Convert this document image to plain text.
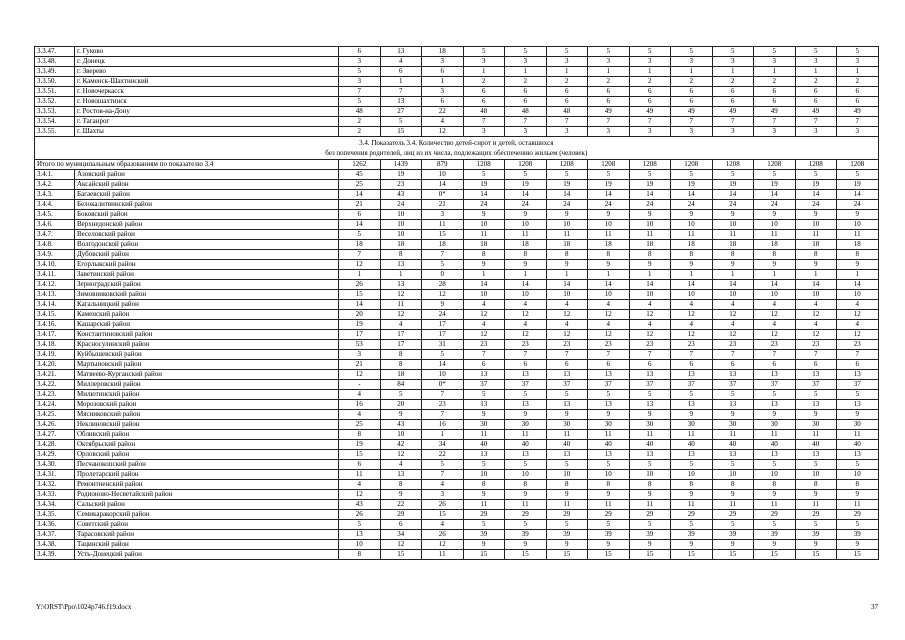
3.3.47.	г. Гуково	6	13	18	5	5	5	5	5	5	5	5	5	5
3.3.48.	г. Донецк	3	4	3	3	3	3	3	3	3	3	3	3	3
3.3.49.	г. Зверево	5	6	6	1	1	1	1	1	1	1	1	1	1
3.3.50.	г. Каменск-Шахтинский	3	1	1	2	2	2	2	2	2	2	2	2	2
3.3.51.	г. Новочеркасск	7	7	3	6	6	6	6	6	6	6	6	6	6
3.3.52.	г. Новошахтинск	5	13	6	6	6	6	6	6	6	6	6	6	6
3.3.53.	г. Ростов-на-Дону	48	27	22	48	48	48	49	49	49	49	49	49	49
3.3.54.	г. Таганрог	2	5	4	7	7	7	7	7	7	7	7	7	7
3.3.55.	г. Шахты	2	15	12	3	3	3	3	3	3	3	3	3	3

3.4. Показатель 3.4. Количество детей-сирот и детей, оставшихся
без попечения родителей, лиц из их числа, подлежащих обеспечению жильем (человек)														

Итого по муниципальным образованиям по показателю 3.4		1262	1439	879	1208	1208	1208	1208	1208	1208	1208	1208	1208	1208
3.4.1.	Азовский район	45	19	10	5	5	5	5	5	5	5	5	5	5
3.4.2.	Аксайский район	25	23	14	19	19	19	19	19	19	19	19	19	19
3.4.3.	Багаевский район	14	43	0*	14	14	14	14	14	14	14	14	14	14
3.4.4.	Белокалитвинский район	21	24	21	24	24	24	24	24	24	24	24	24	24
3.4.5.	Боковский район	6	10	3	9	9	9	9	9	9	9	9	9	9
3.4.6.	Верхнедонской район	14	10	11	10	10	10	10	10	10	10	10	10	10
3.4.7.	Веселовский район	5	10	15	11	11	11	11	11	11	11	11	11	11
3.4.8.	Волгодонской район	18	18	18	18	18	18	18	18	18	18	18	18	18
3.4.9.	Дубовский район	7	8	7	8	8	8	8	8	8	8	8	8	8
3.4.10.	Егорлыкский район	12	13	5	9	9	9	9	9	9	9	9	9	9
3.4.11.	Заветинский район	1	1	0	1	1	1	1	1	1	1	1	1	1
3.4.12.	Зерноградский район	26	13	28	14	14	14	14	14	14	14	14	14	14
3.4.13.	Зимовниковский район	15	12	12	10	10	10	10	10	10	10	10	10	10
3.4.14.	Кагальницкий район	14	11	9	4	4	4	4	4	4	4	4	4	4
3.4.15.	Каменский район	20	12	24	12	12	12	12	12	12	12	12	12	12
3.4.16.	Кашарский район	19	4	17	4	4	4	4	4	4	4	4	4	4
3.4.17.	Константиновский район	17	17	17	12	12	12	12	12	12	12	12	12	12
3.4.18.	Красносулинский район	53	17	31	23	23	23	23	23	23	23	23	23	23
3.4.19.	Куйбышевский район	3	8	5	7	7	7	7	7	7	7	7	7	7
3.4.20.	Мартыновский район	21	8	14	6	6	6	6	6	6	6	6	6	6
3.4.21.	Матвеево-Курганский район	12	18	10	13	13	13	13	13	13	13	13	13	13
3.4.22.	Миллеровский район	-	84	0*	37	37	37	37	37	37	37	37	37	37
3.4.23.	Милютинский район	4	5	7	5	5	5	5	5	5	5	5	5	5
3.4.24.	Морозовский район	16	20	23	13	13	13	13	13	13	13	13	13	13
3.4.25.	Мясниковский район	4	9	7	9	9	9	9	9	9	9	9	9	9
3.4.26.	Неклиновский район	25	43	16	30	30	30	30	30	30	30	30	30	30
3.4.27.	Обливский район	8	10	1	11	11	11	11	11	11	11	11	11	11
3.4.28.	Октябрьский район	19	42	34	40	40	40	40	40	40	40	40	40	40
3.4.29.	Орловский район	15	12	22	13	13	13	13	13	13	13	13	13	13
3.4.30.	Песчанокопский район	6	4	5	5	5	5	5	5	5	5	5	5	5
3.4.31.	Пролетарский район	11	13	7	10	10	10	10	10	10	10	10	10	10
3.4.32.	Ремонтненский район	4	8	4	8	8	8	8	8	8	8	8	8	8
3.4.33.	Родионово-Несветайский район	12	9	3	9	9	9	9	9	9	9	9	9	9
3.4.34.	Сальский район	43	22	26	11	11	11	11	11	11	11	11	11	11
3.4.35.	Семикаракорский район	26	29	15	29	29	29	29	29	29	29	29	29	29
3.4.36.	Советский район	5	6	4	5	5	5	5	5	5	5	5	5	5
3.4.37.	Тарасовский район	13	34	26	39	39	39	39	39	39	39	39	39	39
3.4.38.	Тацинский район	10	12	12	9	9	9	9	9	9	9	9	9	9
3.4.39.	Усть-Донецкий район	8	15	11	15	15	15	15	15	15	15	15	15	15
Y:\ORST\Ppo\1024p746.f19.docx	37
